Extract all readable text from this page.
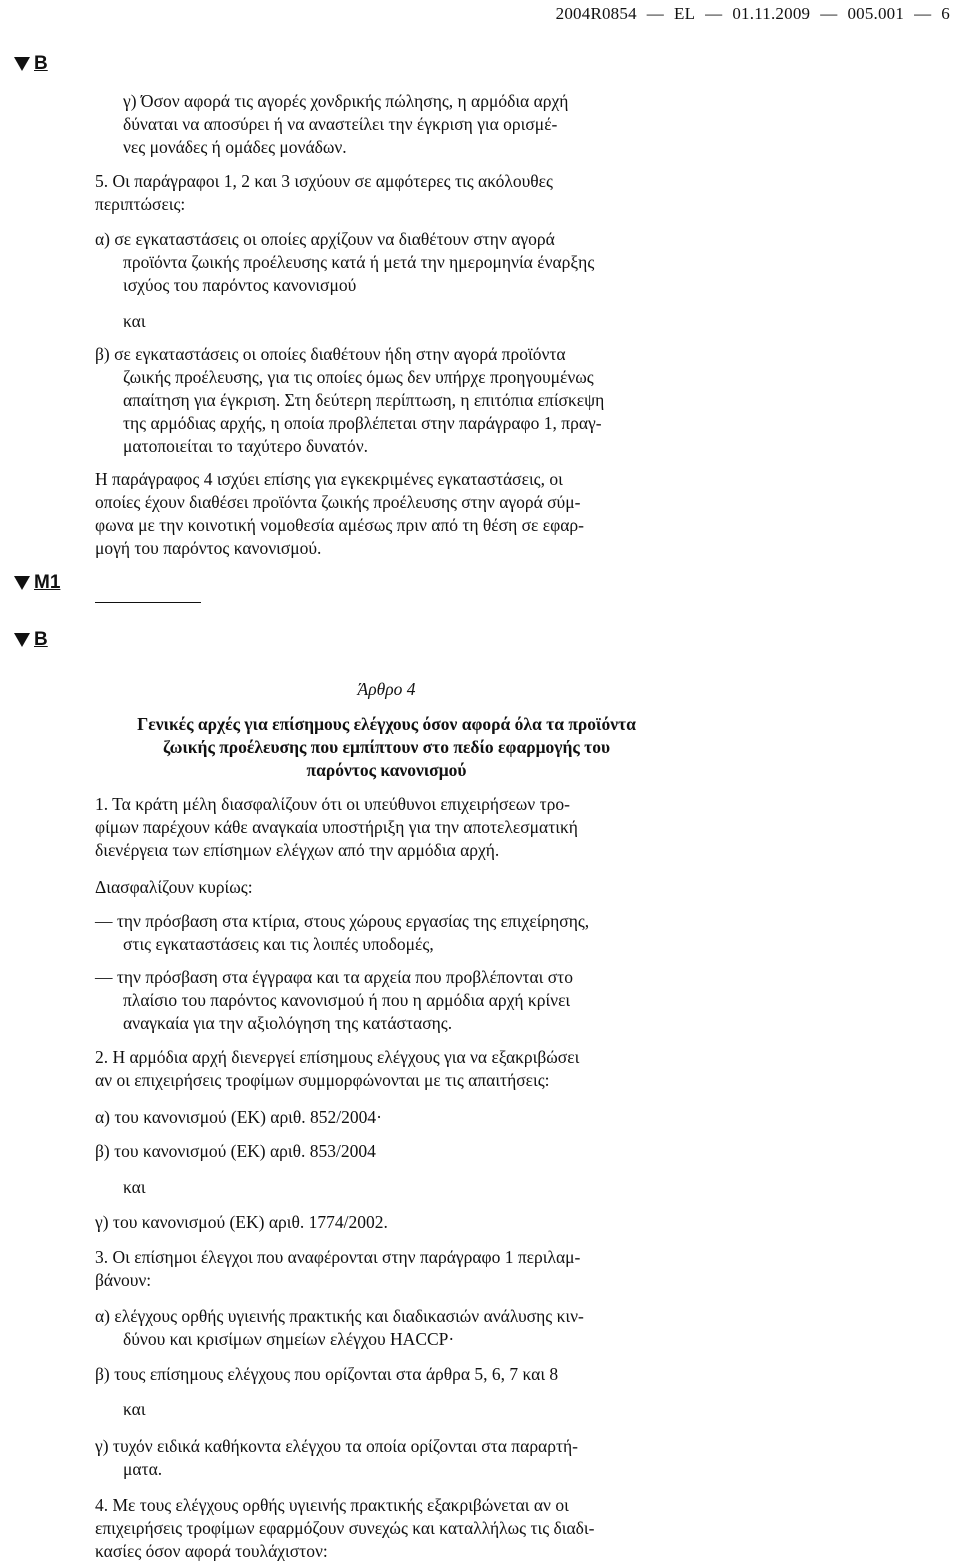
2004R0854 — EL — 01.11.2009 — 005.001 — 6
B
M1
B
γ) Όσον αφορά τις αγορές χονδρικής πώλησης, η αρμόδια αρχή
δύναται να αποσύρει ή να αναστείλει την έγκριση για ορισμέ-
νες μονάδες ή ομάδες μονάδων.
5. Οι παράγραφοι 1, 2 και 3 ισχύουν σε αμφότερες τις ακόλουθες
περιπτώσεις:
α) σε εγκαταστάσεις οι οποίες αρχίζουν να διαθέτουν στην αγορά
προϊόντα ζωικής προέλευσης κατά ή μετά την ημερομηνία έναρξης
ισχύος του παρόντος κανονισμού
και
β) σε εγκαταστάσεις οι οποίες διαθέτουν ήδη στην αγορά προϊόντα
ζωικής προέλευσης, για τις οποίες όμως δεν υπήρχε προηγουμένως
απαίτηση για έγκριση. Στη δεύτερη περίπτωση, η επιτόπια επίσκεψη
της αρμόδιας αρχής, η οποία προβλέπεται στην παράγραφο 1, πραγ-
ματοποιείται το ταχύτερο δυνατόν.
Η παράγραφος 4 ισχύει επίσης για εγκεκριμένες εγκαταστάσεις, οι
οποίες έχουν διαθέσει προϊόντα ζωικής προέλευσης στην αγορά σύμ-
φωνα με την κοινοτική νομοθεσία αμέσως πριν από τη θέση σε εφαρ-
μογή του παρόντος κανονισμού.
Άρθρο 4
Γενικές αρχές για επίσημους ελέγχους όσον αφορά όλα τα προϊόντα
ζωικής προέλευσης που εμπίπτουν στο πεδίο εφαρμογής του
παρόντος κανονισμού
1. Τα κράτη μέλη διασφαλίζουν ότι οι υπεύθυνοι επιχειρήσεων τρο-
φίμων παρέχουν κάθε αναγκαία υποστήριξη για την αποτελεσματική
διενέργεια των επίσημων ελέγχων από την αρμόδια αρχή.
Διασφαλίζουν κυρίως:
— την πρόσβαση στα κτίρια, στους χώρους εργασίας της επιχείρησης,
στις εγκαταστάσεις και τις λοιπές υποδομές,
— την πρόσβαση στα έγγραφα και τα αρχεία που προβλέπονται στο
πλαίσιο του παρόντος κανονισμού ή που η αρμόδια αρχή κρίνει
αναγκαία για την αξιολόγηση της κατάστασης.
2. Η αρμόδια αρχή διενεργεί επίσημους ελέγχους για να εξακριβώσει
αν οι επιχειρήσεις τροφίμων συμμορφώνονται με τις απαιτήσεις:
α) του κανονισμού (ΕΚ) αριθ. 852/2004·
β) του κανονισμού (ΕΚ) αριθ. 853/2004
και
γ) του κανονισμού (ΕΚ) αριθ. 1774/2002.
3. Οι επίσημοι έλεγχοι που αναφέρονται στην παράγραφο 1 περιλαμ-
βάνουν:
α) ελέγχους ορθής υγιεινής πρακτικής και διαδικασιών ανάλυσης κιν-
δύνου και κρισίμων σημείων ελέγχου HACCP·
β) τους επίσημους ελέγχους που ορίζονται στα άρθρα 5, 6, 7 και 8
και
γ) τυχόν ειδικά καθήκοντα ελέγχου τα οποία ορίζονται στα παραρτή-
ματα.
4. Με τους ελέγχους ορθής υγιεινής πρακτικής εξακριβώνεται αν οι
επιχειρήσεις τροφίμων εφαρμόζουν συνεχώς και καταλλήλως τις διαδι-
κασίες όσον αφορά τουλάχιστον:
